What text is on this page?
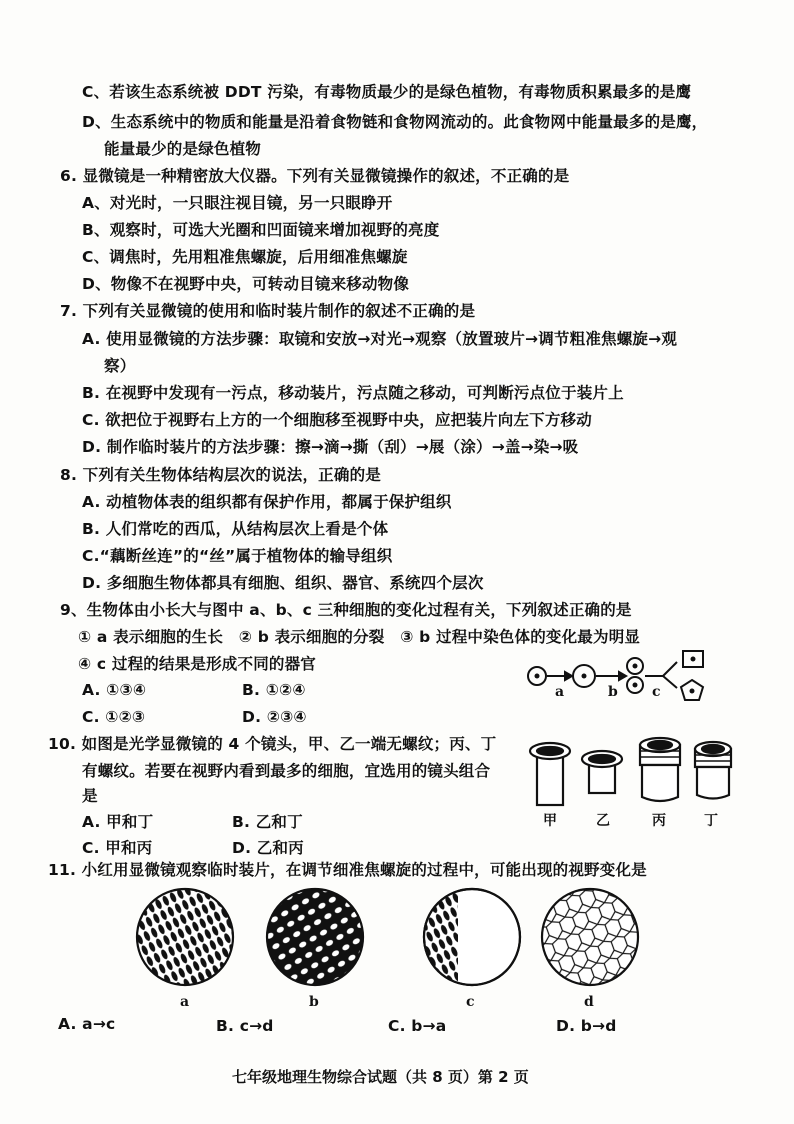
C、若该生态系统被 DDT 污染，有毒物质最少的是绿色植物，有毒物质积累最多的是鹰
D、生态系统中的物质和能量是沿着食物链和食物网流动的。此食物网中能量最多的是鹰，
能量最少的是绿色植物
6. 显微镜是一种精密放大仪器。下列有关显微镜操作的叙述，不正确的是
A、对光时，一只眼注视目镜，另一只眼睁开
B、观察时，可选大光圈和凹面镜来增加视野的亮度
C、调焦时，先用粗准焦螺旋，后用细准焦螺旋
D、物像不在视野中央，可转动目镜来移动物像
7. 下列有关显微镜的使用和临时装片制作的叙述不正确的是
A. 使用显微镜的方法步骤：取镜和安放→对光→观察（放置玻片→调节粗准焦螺旋→观
察）
B. 在视野中发现有一污点，移动装片，污点随之移动，可判断污点位于装片上
C. 欲把位于视野右上方的一个细胞移至视野中央，应把装片向左下方移动
D. 制作临时装片的方法步骤：擦→滴→撕（刮）→展（涂）→盖→染→吸
8. 下列有关生物体结构层次的说法，正确的是
A. 动植物体表的组织都有保护作用，都属于保护组织
B. 人们常吃的西瓜，从结构层次上看是个体
C.“藕断丝连”的“丝”属于植物体的输导组织
D. 多细胞生物体都具有细胞、组织、器官、系统四个层次
9、生物体由小长大与图中 a、b、c 三种细胞的变化过程有关，下列叙述正确的是
① a 表示细胞的生长　② b 表示细胞的分裂　③ b 过程中染色体的变化最为明显
④ c 过程的结果是形成不同的器官
A. ①③④	B. ①②④
C. ①②③	D. ②③④
a	b c
10. 如图是光学显微镜的 4 个镜头，甲、乙一端无螺纹；丙、丁
有螺纹。若要在视野内看到最多的细胞，宜选用的镜头组合
是
A. 甲和丁	B. 乙和丁
C. 甲和丙	D. 乙和丙
甲	乙	丙	丁
11. 小红用显微镜观察临时装片，在调节细准焦螺旋的过程中，可能出现的视野变化是
a	b	c	d
A. a→c	B. c→d	C. b→a	D. b→d
七年级地理生物综合试题（共 8 页）第 2 页
